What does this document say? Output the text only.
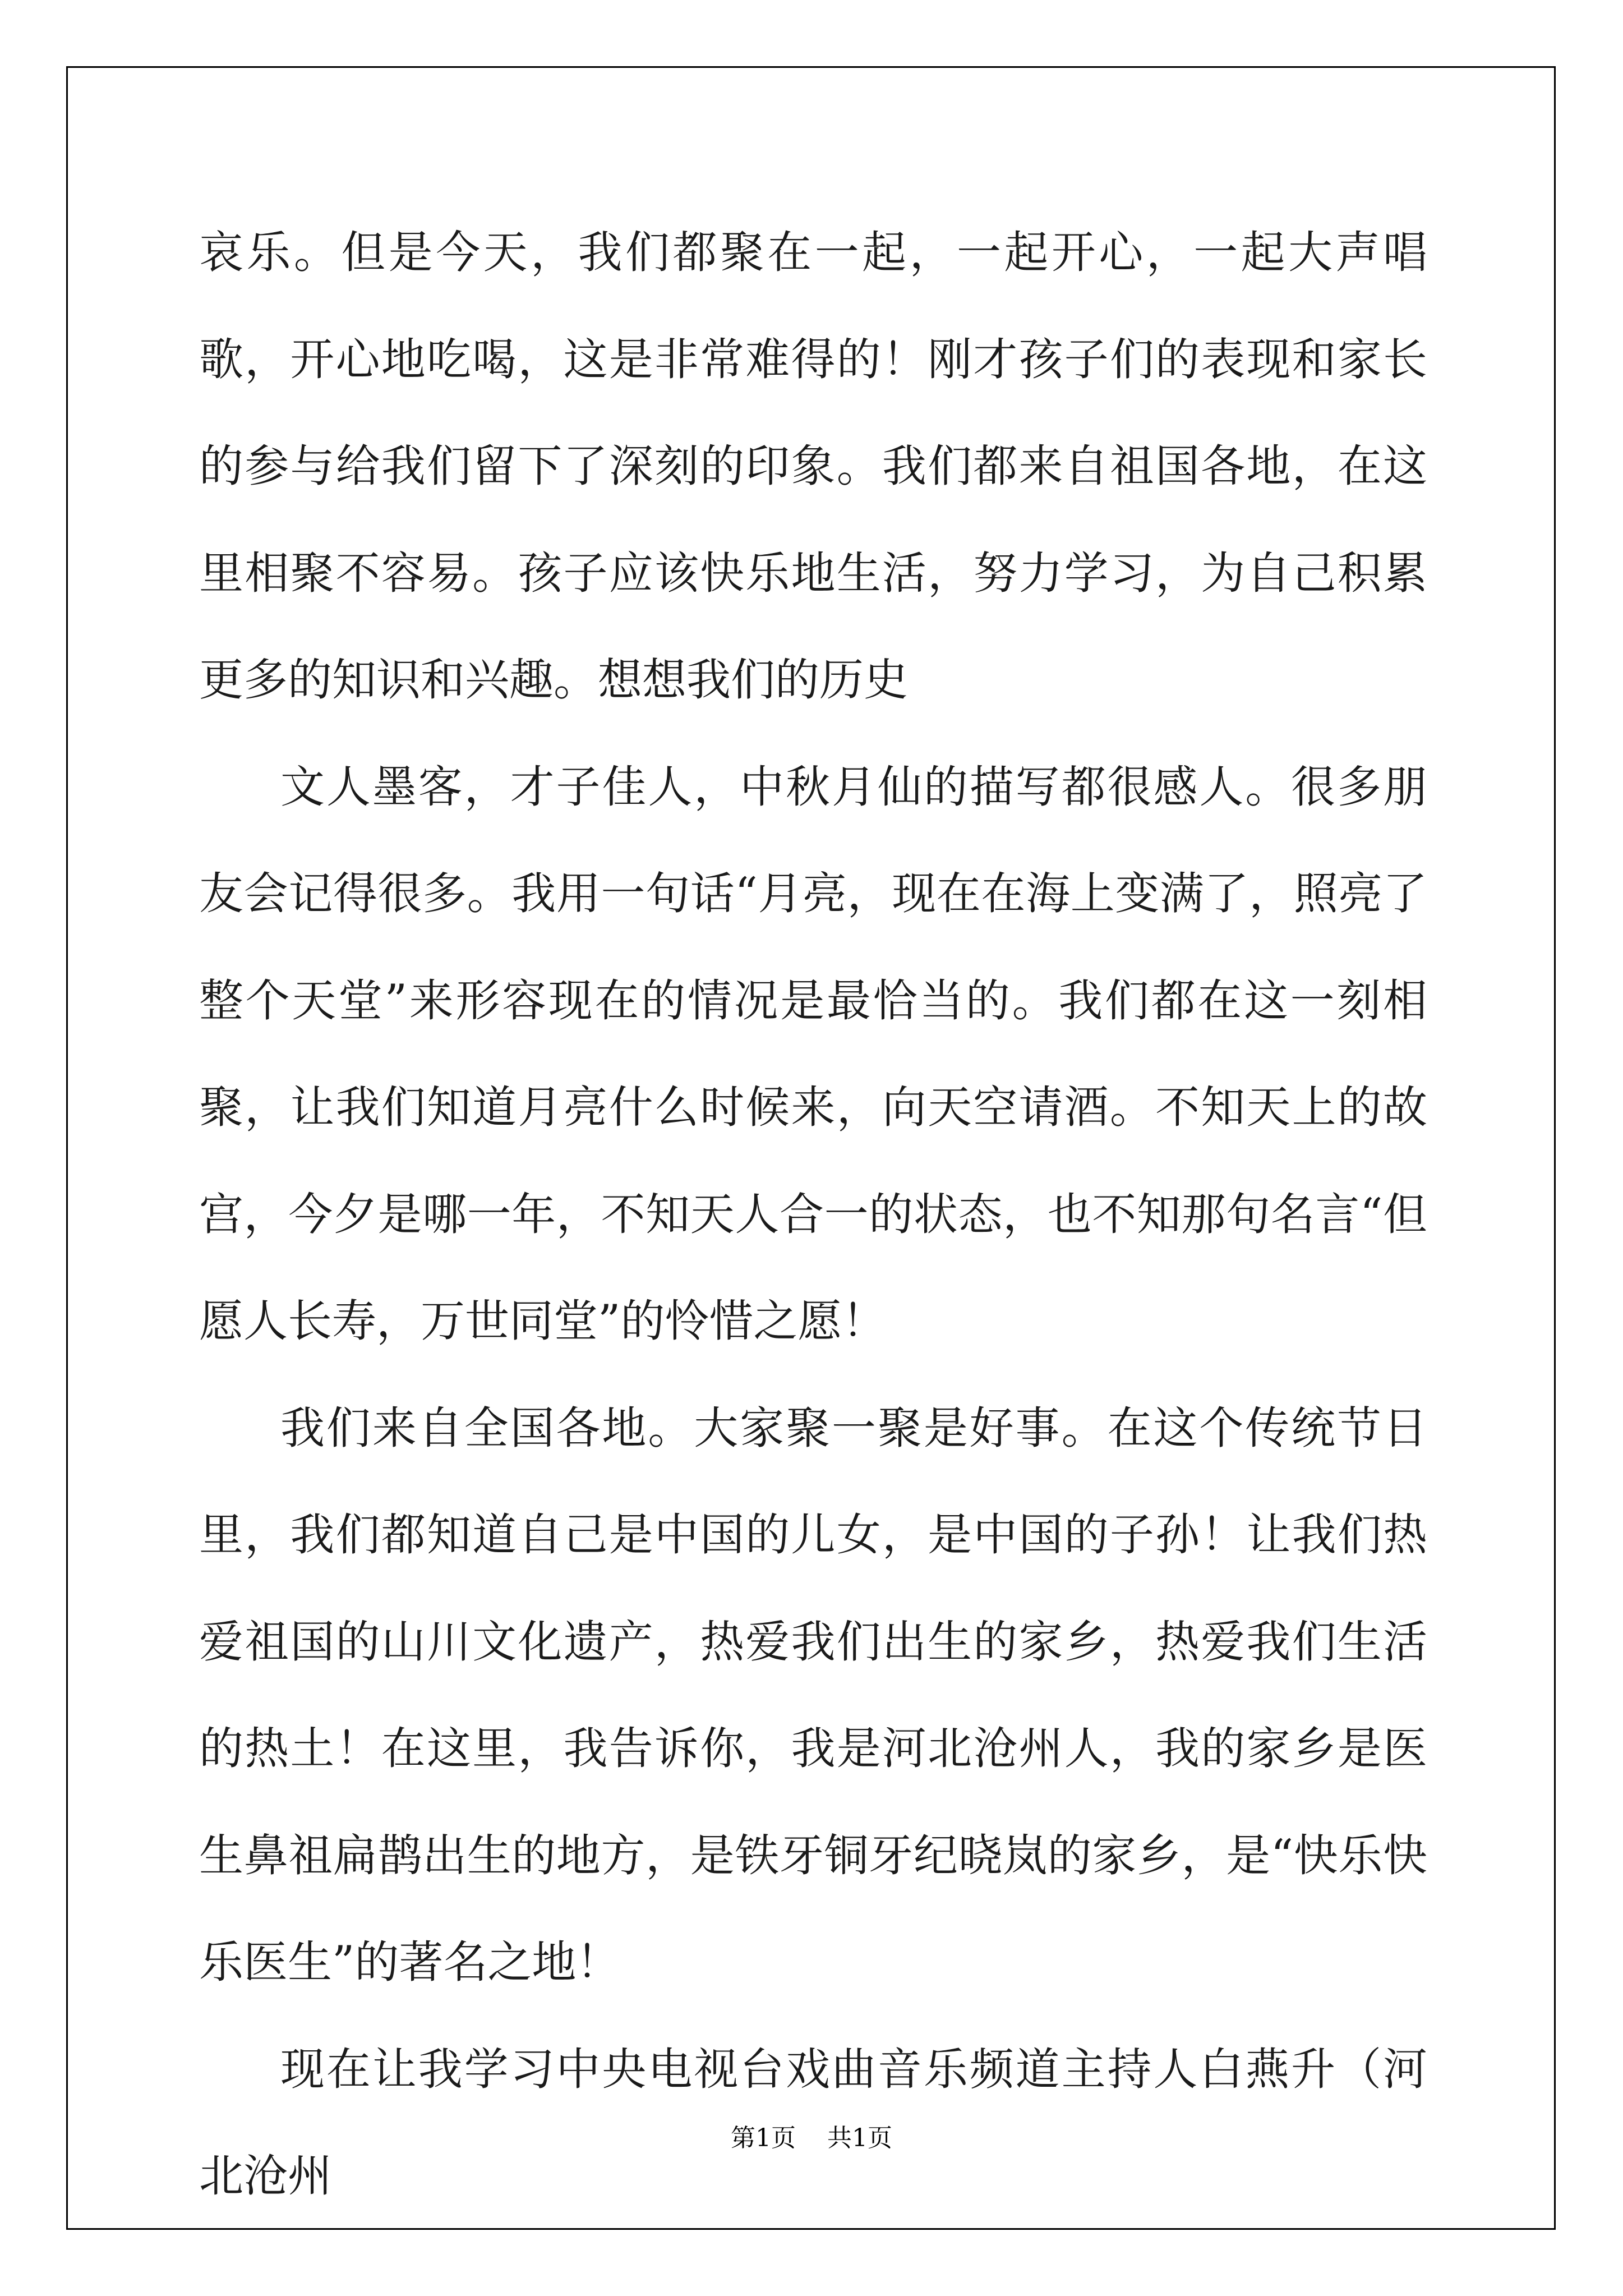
哀乐。但是今天，我们都聚在一起，一起开心，一起大声唱歌，开心地吃喝，这是非常难得的！刚才孩子们的表现和家长的参与给我们留下了深刻的印象。我们都来自祖国各地，在这里相聚不容易。孩子应该快乐地生活，努力学习，为自己积累更多的知识和兴趣。想想我们的历史

文人墨客，才子佳人，中秋月仙的描写都很感人。很多朋友会记得很多。我用一句话“月亮，现在在海上变满了，照亮了整个天堂”来形容现在的情况是最恰当的。我们都在这一刻相聚，让我们知道月亮什么时候来，向天空请酒。不知天上的故宫，今夕是哪一年，不知天人合一的状态，也不知那句名言“但愿人长寿，万世同堂”的怜惜之愿！

我们来自全国各地。大家聚一聚是好事。在这个传统节日里，我们都知道自己是中国的儿女，是中国的子孙！让我们热爱祖国的山川文化遗产，热爱我们出生的家乡，热爱我们生活的热土！在这里，我告诉你，我是河北沧州人，我的家乡是医生鼻祖扁鹊出生的地方，是铁牙铜牙纪晓岚的家乡，是“快乐快乐医生”的著名之地！

现在让我学习中央电视台戏曲音乐频道主持人白燕升（河北沧州

第1页 共1页
